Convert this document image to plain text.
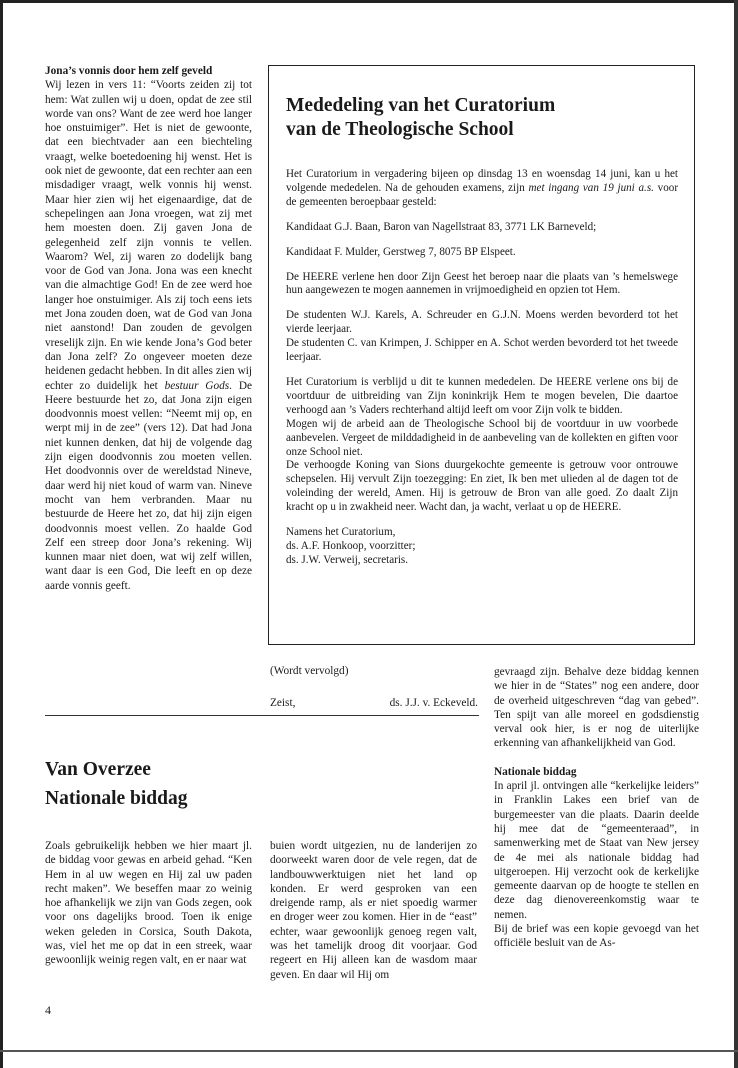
Jona’s vonnis door hem zelf geveld

Wij lezen in vers 11: “Voorts zeiden zij tot hem: Wat zullen wij u doen, opdat de zee stil worde van ons? Want de zee werd hoe langer hoe onstuimiger”. Het is niet de gewoonte, dat een biechtvader aan een biechteling vraagt, welke boetedoening hij wenst. Het is ook niet de gewoonte, dat een rechter aan een misdadiger vraagt, welk vonnis hij wenst. Maar hier zien wij het eigenaardige, dat de schepelingen aan Jona vroegen, wat zij met hem moesten doen. Zij gaven Jona de gelegenheid zelf zijn vonnis te vellen. Waarom? Wel, zij waren zo dodelijk bang voor de God van Jona. Jona was een knecht van die almachtige God! En de zee werd hoe langer hoe onstuimiger. Als zij toch eens iets met Jona zouden doen, wat de God van Jona niet aanstond! Dan zouden de gevolgen vreselijk zijn. En wie kende Jona’s God beter dan Jona zelf? Zo ongeveer moeten deze heidenen gedacht hebben. In dit alles zien wij echter zo duidelijk het bestuur Gods. De Heere bestuurde het zo, dat Jona zijn eigen doodvonnis moest vellen: “Neemt mij op, en werpt mij in de zee” (vers 12). Dat had Jona niet kunnen denken, dat hij de volgende dag zijn eigen doodvonnis zou moeten vellen. Het doodvonnis over de wereldstad Nineve, daar werd hij niet koud of warm van. Nineve mocht van hem verbranden. Maar nu bestuurde de Heere het zo, dat hij zijn eigen doodvonnis moest vellen. Zo haalde God Zelf een streep door Jona’s rekening. Wij kunnen maar niet doen, wat wij zelf willen, want daar is een God, Die leeft en op deze aarde vonnis geeft.

Mededeling van het Curatorium
van de Theologische School

Het Curatorium in vergadering bijeen op dinsdag 13 en woensdag 14 juni, kan u het volgende mededelen. Na de gehouden examens, zijn met ingang van 19 juni a.s. voor de gemeenten beroepbaar gesteld:

Kandidaat G.J. Baan, Baron van Nagellstraat 83, 3771 LK Barneveld;

Kandidaat F. Mulder, Gerstweg 7, 8075 BP Elspeet.

De HEERE verlene hen door Zijn Geest het beroep naar die plaats van ’s hemelswege hun aangewezen te mogen aannemen in vrijmoedigheid en opzien tot Hem.

De studenten W.J. Karels, A. Schreuder en G.J.N. Moens werden bevorderd tot het vierde leerjaar.

De studenten C. van Krimpen, J. Schipper en A. Schot werden bevorderd tot het tweede leerjaar.

Het Curatorium is verblijd u dit te kunnen mededelen. De HEERE verlene ons bij de voortduur de uitbreiding van Zijn koninkrijk Hem te mogen bevelen, Die daartoe verhoogd aan ’s Vaders rechterhand altijd leeft om voor Zijn volk te bidden.

Mogen wij de arbeid aan de Theologische School bij de voortduur in uw voorbede aanbevelen. Vergeet de milddadigheid in de aanbeveling van de kollekten en giften voor onze School niet.

De verhoogde Koning van Sions duurgekochte gemeente is getrouw voor ontrouwe schepselen. Hij vervult Zijn toezegging: En ziet, Ik ben met ulieden al de dagen tot de voleinding der wereld, Amen. Hij is getrouw de Bron van alle goed. Zo daalt Zijn kracht op u in zwakheid neer. Wacht dan, ja wacht, verlaat u op de HEERE.

Namens het Curatorium,

ds. A.F. Honkoop, voorzitter;

ds. J.W. Verweij, secretaris.

(Wordt vervolgd)
Zeist,	ds. J.J. v. Eckeveld.
Van Overzee
Nationale biddag

gevraagd zijn. Behalve deze biddag kennen we hier in de “States” nog een andere, door de overheid uitgeschreven “dag van gebed”. Ten spijt van alle moreel en godsdienstig verval ook hier, is er nog de uiterlijke erkenning van afhankelijkheid van God.

Nationale biddag

In april jl. ontvingen alle “kerkelijke leiders” in Franklin Lakes een brief van de burgemeester van die plaats. Daarin deelde hij mee dat de “gemeenteraad”, in samenwerking met de Staat van New jersey de 4e mei als nationale biddag had uitgeroepen. Hij verzocht ook de kerkelijke gemeente daarvan op de hoogte te stellen en deze dag dienovereenkomstig waar te nemen.

Bij de brief was een kopie gevoegd van het officiële besluit van de As-

Zoals gebruikelijk hebben we hier maart jl. de biddag voor gewas en arbeid gehad. “Ken Hem in al uw wegen en Hij zal uw paden recht maken”. We beseffen maar zo weinig hoe afhankelijk we zijn van Gods zegen, ook voor ons dagelijks brood. Toen ik enige weken geleden in Corsica, South Dakota, was, viel het me op dat in een streek, waar gewoonlijk weinig regen valt, en er naar wat

buien wordt uitgezien, nu de landerijen zo doorweekt waren door de vele regen, dat de landbouwwerktuigen niet het land op konden. Er werd gesproken van een dreigende ramp, als er niet spoedig warmer en droger weer zou komen. Hier in de “east” echter, waar gewoonlijk genoeg regen valt, was het tamelijk droog dit voorjaar. God regeert en Hij alleen kan de wasdom maar geven. En daar wil Hij om

4
